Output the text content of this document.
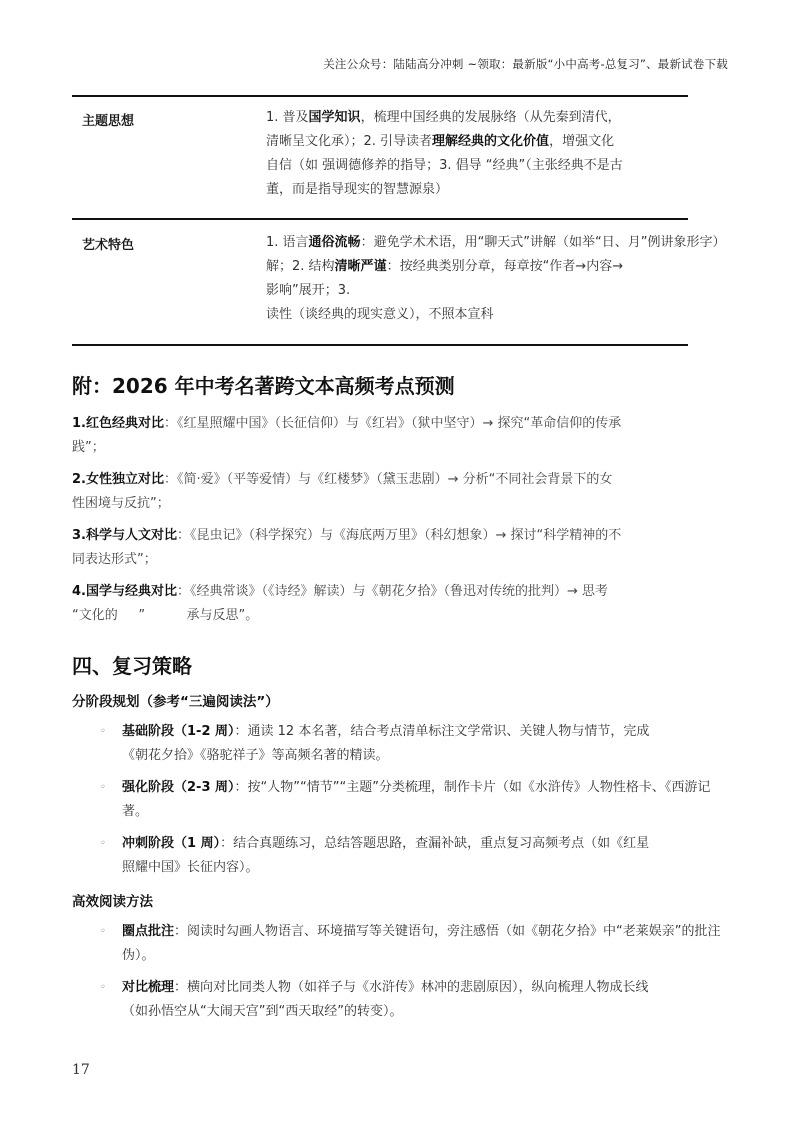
关注公众号：陆陆高分冲刺 ~领取：最新版“小中高考-总复习”、最新试卷下载
主题思想	1. 普及国学知识，梳理中国经典的发展脉络（从先秦到清代，
清晰呈文化承）；2. 引导读者理解经典的文化价值，增强文化
自信（如 强调德修养的指导；3. 倡导 “经典”（主张经典不是古
董，而是指导现实的智慧源泉）
艺术特色	1. 语言通俗流畅：避免学术术语，用“聊天式”讲解（如举“日、月”例讲象形字）
解；2. 结构清晰严谨：按经典类别分章，每章按“作者→内容→
影响”展开；3.
读性（谈经典的现实意义），不照本宣科
附：2026 年中考名著跨文本高频考点预测
1.红色经典对比：《红星照耀中国》（长征信仰）与《红岩》（狱中坚守）→ 探究“革命信仰的传承
践”；
2.女性独立对比：《简·爱》（平等爱情）与《红楼梦》（黛玉悲剧）→ 分析“不同社会背景下的女
性困境与反抗”；
3.科学与人文对比：《昆虫记》（科学探究）与《海底两万里》（科幻想象）→ 探讨“科学精神的不
同表达形式”；
4.国学与经典对比：《经典常谈》（《诗经》解读）与《朝花夕拾》（鲁迅对传统的批判）→ 思考
“文化的     ”          承与反思”。
四、复习策略
分阶段规划（参考“三遍阅读法”）
◦ 基础阶段（1-2 周）：通读 12 本名著，结合考点清单标注文学常识、关键人物与情节，完成
《朝花夕拾》《骆驼祥子》等高频名著的精读。
◦ 强化阶段（2-3 周）：按“人物”“情节”“主题”分类梳理，制作卡片（如《水浒传》人物性格卡、《西游记
著。
◦ 冲刺阶段（1 周）：结合真题练习，总结答题思路，查漏补缺，重点复习高频考点（如《红星
照耀中国》长征内容）。
高效阅读方法
◦ 圈点批注：阅读时勾画人物语言、环境描写等关键语句，旁注感悟（如《朝花夕拾》中“老莱娱亲”的批注
伪）。
◦ 对比梳理：横向对比同类人物（如祥子与《水浒传》林冲的悲剧原因），纵向梳理人物成长线
（如孙悟空从“大闹天宫”到“西天取经”的转变）。
17
